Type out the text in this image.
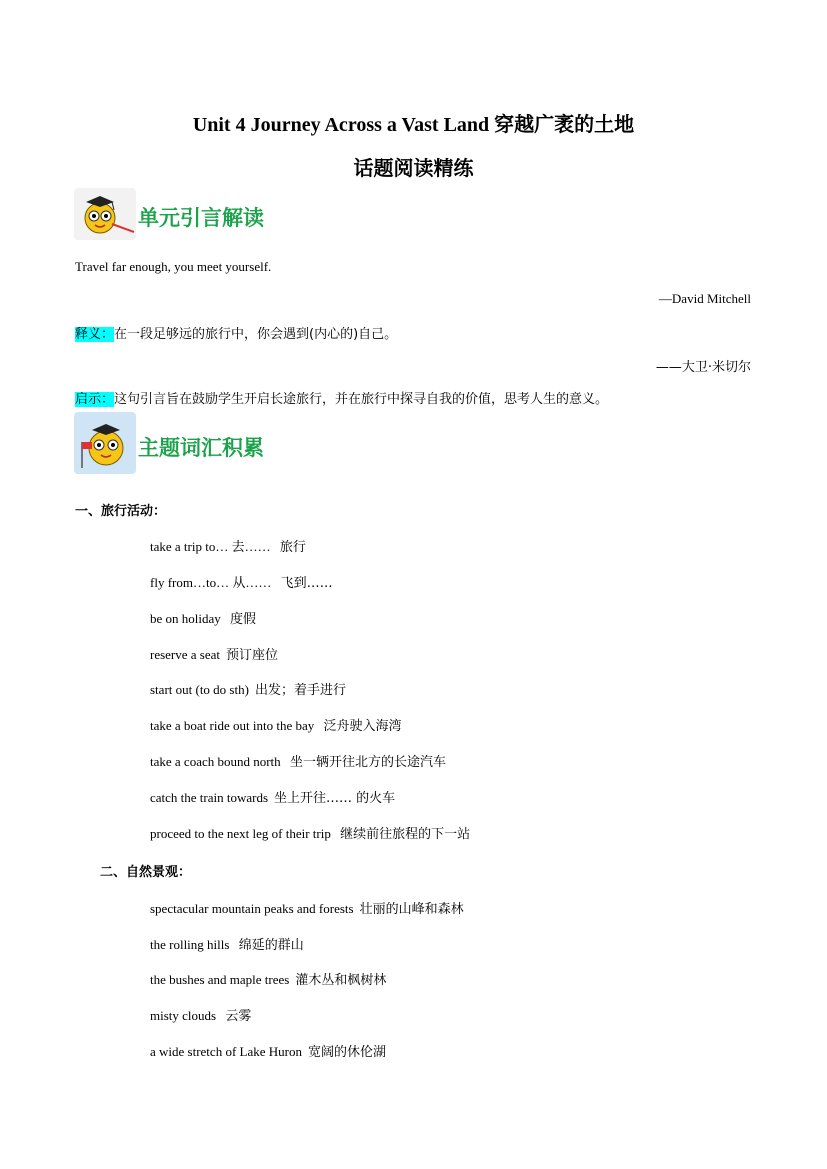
Unit 4 Journey Across a Vast Land 穿越广袤的土地
话题阅读精练
单元引言解读
Travel far enough, you meet yourself.
—David Mitchell
释义：在一段足够远的旅行中，你会遇到(内心的)自己。
——大卫·米切尔
启示：这句引言旨在鼓励学生开启长途旅行，并在旅行中探寻自我的价值，思考人生的意义。
主题词汇积累
一、旅行活动：
take a trip to… 去…… 旅行
fly from…to… 从…… 飞到……
be on holiday 度假
reserve a seat 预订座位
start out (to do sth) 出发；着手进行
take a boat ride out into the bay 泛舟驶入海湾
take a coach bound north 坐一辆开往北方的长途汽车
catch the train towards 坐上开往…… 的火车
proceed to the next leg of their trip 继续前往旅程的下一站
二、自然景观：
spectacular mountain peaks and forests 壮丽的山峰和森林
the rolling hills 绵延的群山
the bushes and maple trees 灌木丛和枫树林
misty clouds 云雾
a wide stretch of Lake Huron 宽阔的休伦湖
